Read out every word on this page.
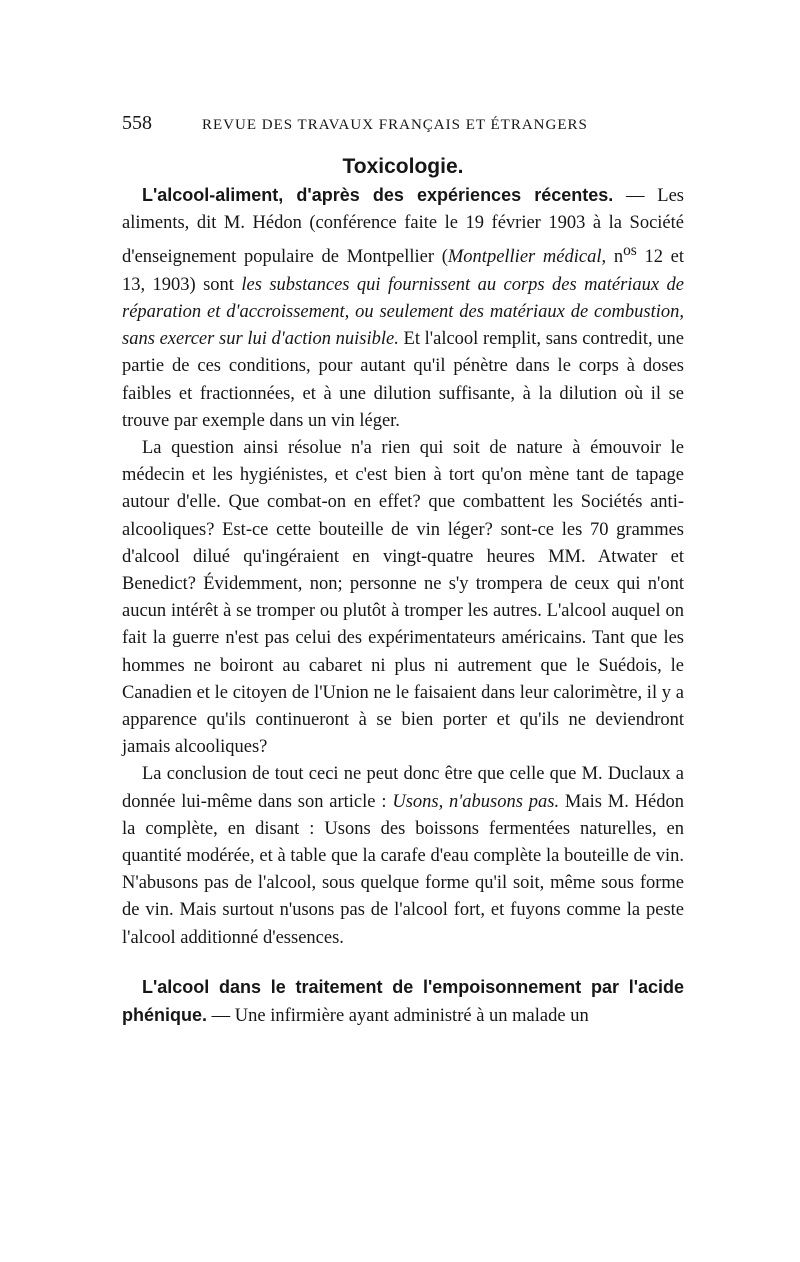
558	REVUE DES TRAVAUX FRANÇAIS ET ÉTRANGERS
Toxicologie.

L'alcool-aliment, d'après des expériences récentes. — Les aliments, dit M. Hédon (conférence faite le 19 février 1903 à la Société d'enseignement populaire de Montpellier (Montpellier médical, $n^{os}$ 12 et 13, 1903) sont les substances qui fournissent au corps des matériaux de réparation et d'accroissement, ou seulement des matériaux de combustion, sans exercer sur lui d'action nuisible. Et l'alcool remplit, sans contredit, une partie de ces conditions, pour autant qu'il pénètre dans le corps à doses faibles et fractionnées, et à une dilution suffisante, à la dilution où il se trouve par exemple dans un vin léger.

La question ainsi résolue n'a rien qui soit de nature à émouvoir le médecin et les hygiénistes, et c'est bien à tort qu'on mène tant de tapage autour d'elle. Que combat-on en effet? que combattent les Sociétés anti-alcooliques? Est-ce cette bouteille de vin léger? sont-ce les 70 grammes d'alcool dilué qu'ingéraient en vingt-quatre heures MM. Atwater et Benedict? Évidemment, non; personne ne s'y trompera de ceux qui n'ont aucun intérêt à se tromper ou plutôt à tromper les autres. L'alcool auquel on fait la guerre n'est pas celui des expérimentateurs américains. Tant que les hommes ne boiront au cabaret ni plus ni autrement que le Suédois, le Canadien et le citoyen de l'Union ne le faisaient dans leur calorimètre, il y a apparence qu'ils continueront à se bien porter et qu'ils ne deviendront jamais alcooliques?

La conclusion de tout ceci ne peut donc être que celle que M. Duclaux a donnée lui-même dans son article : Usons, n'abusons pas. Mais M. Hédon la complète, en disant : Usons des boissons fermentées naturelles, en quantité modérée, et à table que la carafe d'eau complète la bouteille de vin. N'abusons pas de l'alcool, sous quelque forme qu'il soit, même sous forme de vin. Mais surtout n'usons pas de l'alcool fort, et fuyons comme la peste l'alcool additionné d'essences.

L'alcool dans le traitement de l'empoisonnement par l'acide phénique. — Une infirmière ayant administré à un malade un
